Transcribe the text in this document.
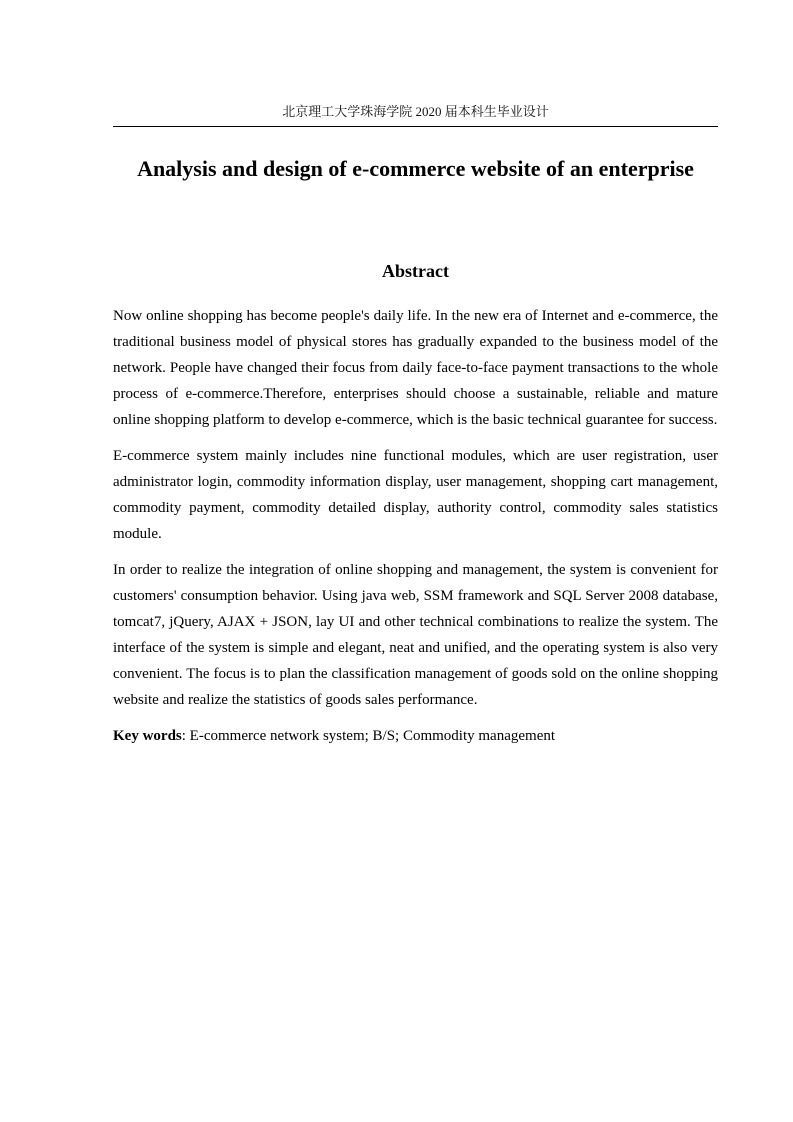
北京理工大学珠海学院 2020 届本科生毕业设计
Analysis and design of e-commerce website of an enterprise
Abstract

Now online shopping has become people's daily life. In the new era of Internet and e-commerce, the traditional business model of physical stores has gradually expanded to the business model of the network. People have changed their focus from daily face-to-face payment transactions to the whole process of e-commerce.Therefore, enterprises should choose a sustainable, reliable and mature online shopping platform to develop e-commerce, which is the basic technical guarantee for success.

E-commerce system mainly includes nine functional modules, which are user registration, user administrator login, commodity information display, user management, shopping cart management, commodity payment, commodity detailed display, authority control, commodity sales statistics module.

In order to realize the integration of online shopping and management, the system is convenient for customers' consumption behavior. Using java web, SSM framework and SQL Server 2008 database, tomcat7, jQuery, AJAX + JSON, lay UI and other technical combinations to realize the system. The interface of the system is simple and elegant, neat and unified, and the operating system is also very convenient. The focus is to plan the classification management of goods sold on the online shopping website and realize the statistics of goods sales performance.

Key words: E-commerce network system; B/S; Commodity management
